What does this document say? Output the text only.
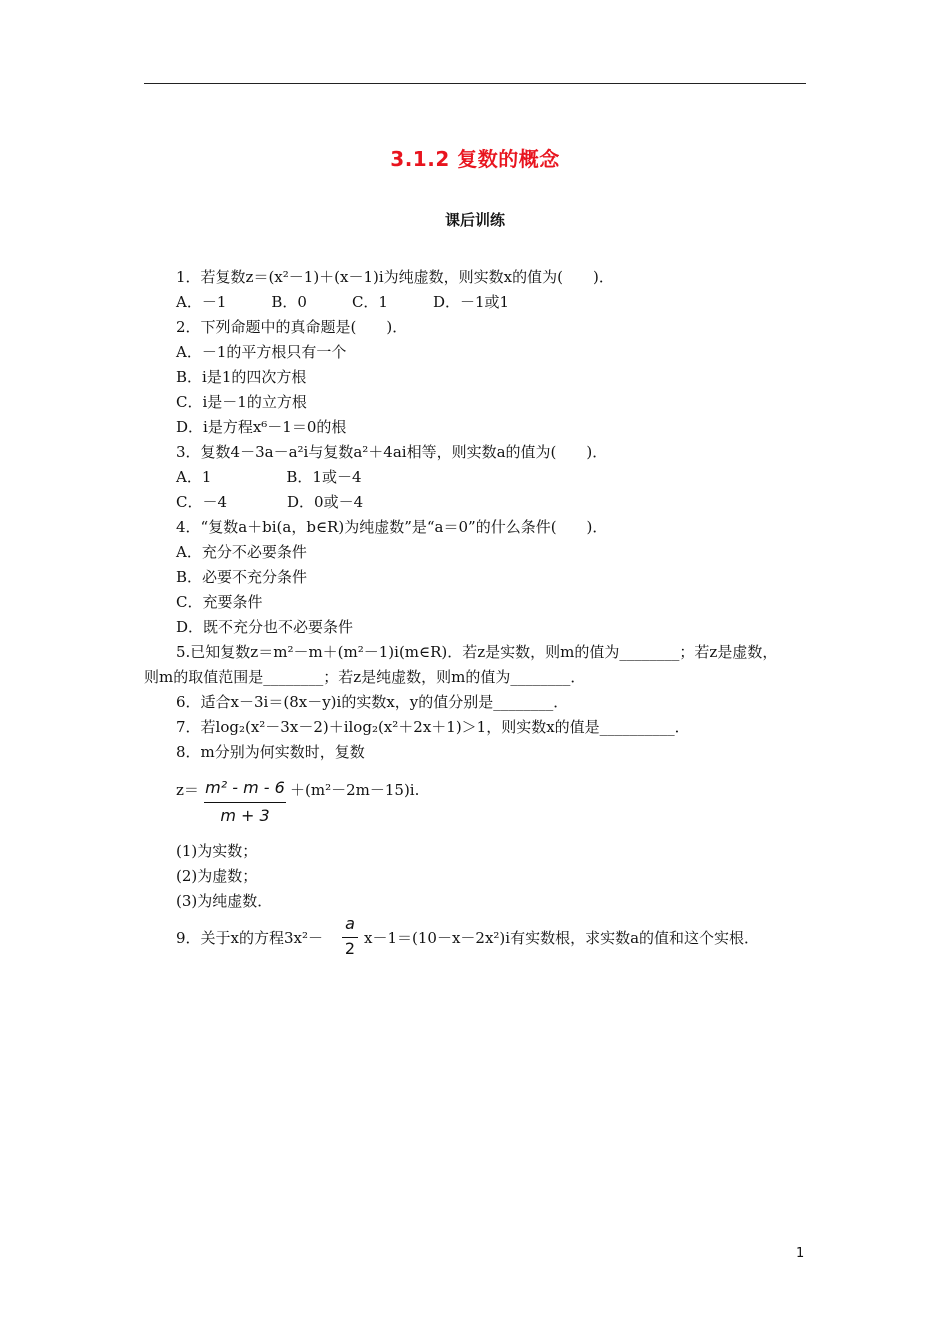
3.1.2 复数的概念
课后训练
1．若复数z＝(x²－1)＋(x－1)i为纯虚数，则实数x的值为(　　)．
A．－1　　　B．0　　　C．1　　　D．－1或1
2．下列命题中的真命题是(　　)．
A．－1的平方根只有一个
B．i是1的四次方根
C．i是－1的立方根
D．i是方程x⁶－1＝0的根
3．复数4－3a－a²i与复数a²＋4ai相等，则实数a的值为(　　)．
A．1　　　　　B．1或－4
C．－4　　　　D．0或－4
4．“复数a＋bi(a，b∈R)为纯虚数”是“a＝0”的什么条件(　　)．
A．充分不必要条件
B．必要不充分条件
C．充要条件
D．既不充分也不必要条件
5.已知复数z＝m²－m＋(m²－1)i(m∈R)．若z是实数，则m的值为________；若z是虚数，
则m的取值范围是________；若z是纯虚数，则m的值为________．
6．适合x－3i＝(8x－y)i的实数x，y的值分别是________．
7．若log₂(x²－3x－2)＋ilog₂(x²＋2x＋1)＞1，则实数x的值是__________．
8．m分别为何实数时，复数
z＝ m² - m - 6
m + 3
＋(m²－2m－15)i.
(1)为实数；
(2)为虚数；
(3)为纯虚数．
9．关于x的方程3x²－
a
2
x－1＝(10－x－2x²)i有实数根，求实数a的值和这个实根．
1
